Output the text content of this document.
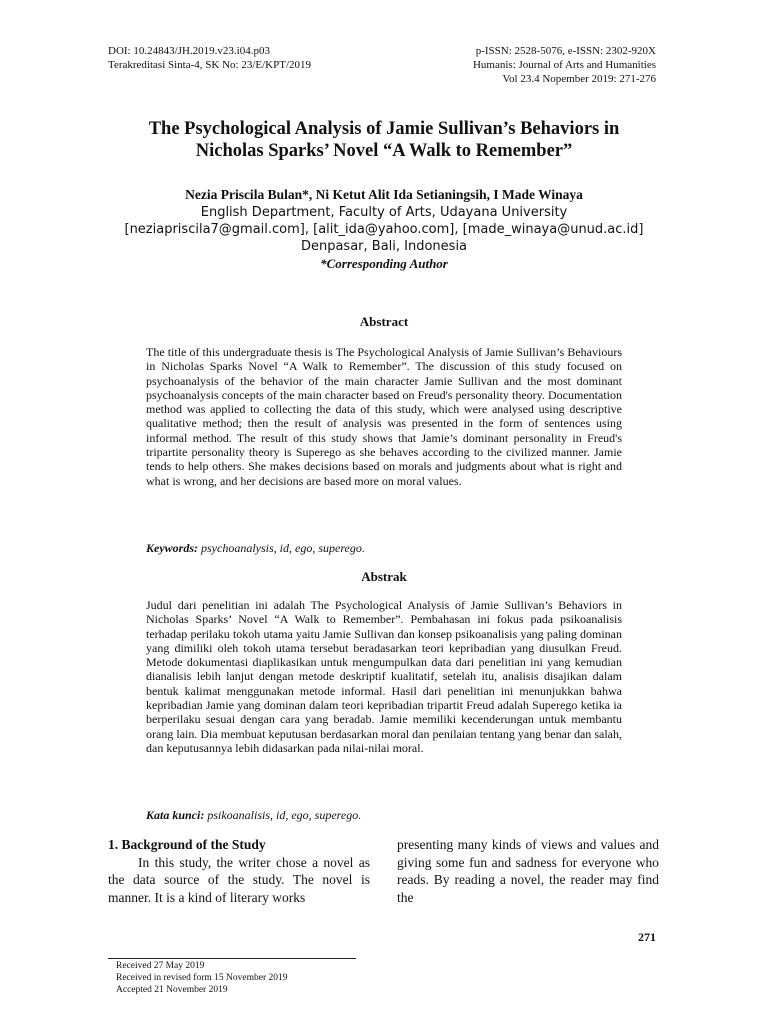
DOI: 10.24843/JH.2019.v23.i04.p03
Terakreditasi Sinta-4, SK No: 23/E/KPT/2019
p-ISSN: 2528-5076, e-ISSN: 2302-920X
Humanis: Journal of Arts and Humanities
Vol 23.4 Nopember 2019: 271-276
The Psychological Analysis of Jamie Sullivan’s Behaviors in
Nicholas Sparks’ Novel “A Walk to Remember”
Nezia Priscila Bulan*, Ni Ketut Alit Ida Setianingsih, I Made Winaya
English Department, Faculty of Arts, Udayana University
[neziapriscila7@gmail.com], [alit_ida@yahoo.com], [made_winaya@unud.ac.id]
Denpasar, Bali, Indonesia
*Corresponding Author
Abstract
The title of this undergraduate thesis is The Psychological Analysis of Jamie Sullivan’s Behaviours in Nicholas Sparks Novel “A Walk to Remember”. The discussion of this study focused on psychoanalysis of the behavior of the main character Jamie Sullivan and the most dominant psychoanalysis concepts of the main character based on Freud's personality theory. Documentation method was applied to collecting the data of this study, which were analysed using descriptive qualitative method; then the result of analysis was presented in the form of sentences using informal method. The result of this study shows that Jamie’s dominant personality in Freud's tripartite personality theory is Superego as she behaves according to the civilized manner. Jamie tends to help others. She makes decisions based on morals and judgments about what is right and what is wrong, and her decisions are based more on moral values.
Keywords: psychoanalysis, id, ego, superego.
Abstrak
Judul dari penelitian ini adalah The Psychological Analysis of Jamie Sullivan’s Behaviors in Nicholas Sparks’ Novel “A Walk to Remember”. Pembahasan ini fokus pada psikoanalisis terhadap perilaku tokoh utama yaitu Jamie Sullivan dan konsep psikoanalisis yang paling dominan yang dimiliki oleh tokoh utama tersebut beradasarkan teori kepribadian yang diusulkan Freud. Metode dokumentasi diaplikasikan untuk mengumpulkan data dari penelitian ini yang kemudian dianalisis lebih lanjut dengan metode deskriptif kualitatif, setelah itu, analisis disajikan dalam bentuk kalimat menggunakan metode informal. Hasil dari penelitian ini menunjukkan bahwa kepribadian Jamie yang dominan dalam teori kepribadian tripartit Freud adalah Superego ketika ia berperilaku sesuai dengan cara yang beradab. Jamie memiliki kecenderungan untuk membantu orang lain. Dia membuat keputusan berdasarkan moral dan penilaian tentang yang benar dan salah, dan keputusannya lebih didasarkan pada nilai-nilai moral.
Kata kunci: psikoanalisis, id, ego, superego.
1. Background of the Study
In this study, the writer chose a novel as the data source of the study. The novel is manner. It is a kind of literary works
presenting many kinds of views and values and giving some fun and sadness for everyone who reads. By reading a novel, the reader may find the
271
Received 27 May 2019
Received in revised form 15 November 2019
Accepted 21 November 2019
